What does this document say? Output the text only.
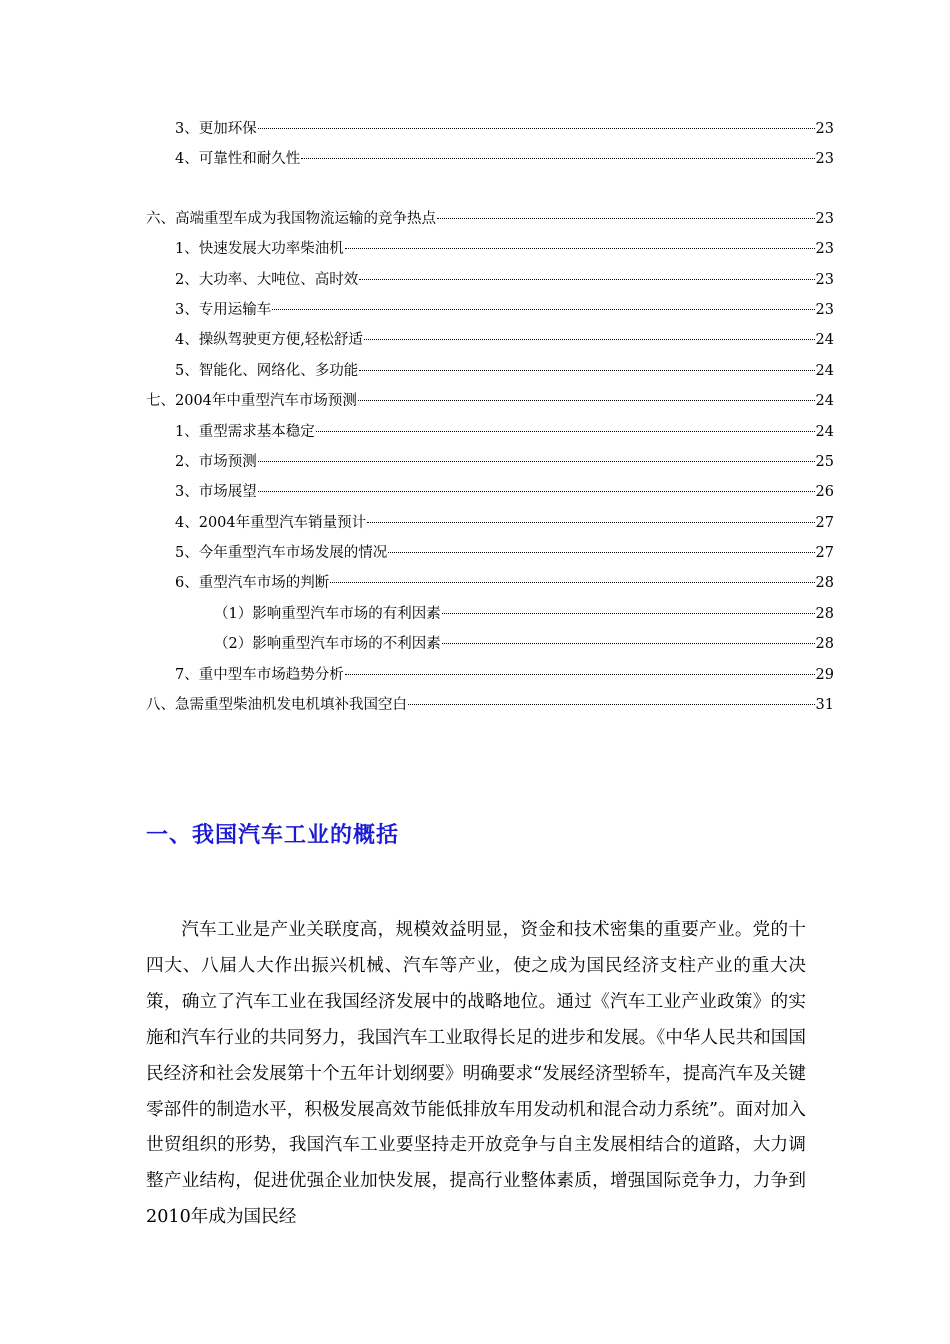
3、更加环保	23
4、可靠性和耐久性	23
六、高端重型车成为我国物流运输的竞争热点	23
1、快速发展大功率柴油机	23
2、大功率、大吨位、高时效	23
3、专用运输车	23
4、操纵驾驶更方便,轻松舒适	24
5、智能化、网络化、多功能	24
七、2004年中重型汽车市场预测	24
1、重型需求基本稳定	24
2、市场预测	25
3、市场展望	26
4、2004年重型汽车销量预计	27
5、今年重型汽车市场发展的情况	27
6、重型汽车市场的判断	28
（1）影响重型汽车市场的有利因素	28
（2）影响重型汽车市场的不利因素	28
7、重中型车市场趋势分析	29
八、急需重型柴油机发电机填补我国空白	31
一、我国汽车工业的概括

汽车工业是产业关联度高，规模效益明显，资金和技术密集的重要产业。党的十四大、八届人大作出振兴机械、汽车等产业，使之成为国民经济支柱产业的重大决策，确立了汽车工业在我国经济发展中的战略地位。通过《汽车工业产业政策》的实施和汽车行业的共同努力，我国汽车工业取得长足的进步和发展。《中华人民共和国国民经济和社会发展第十个五年计划纲要》明确要求“发展经济型轿车，提高汽车及关键零部件的制造水平，积极发展高效节能低排放车用发动机和混合动力系统”。面对加入世贸组织的形势，我国汽车工业要坚持走开放竞争与自主发展相结合的道路，大力调整产业结构，促进优强企业加快发展，提高行业整体素质，增强国际竞争力，力争到2010年成为国民经
